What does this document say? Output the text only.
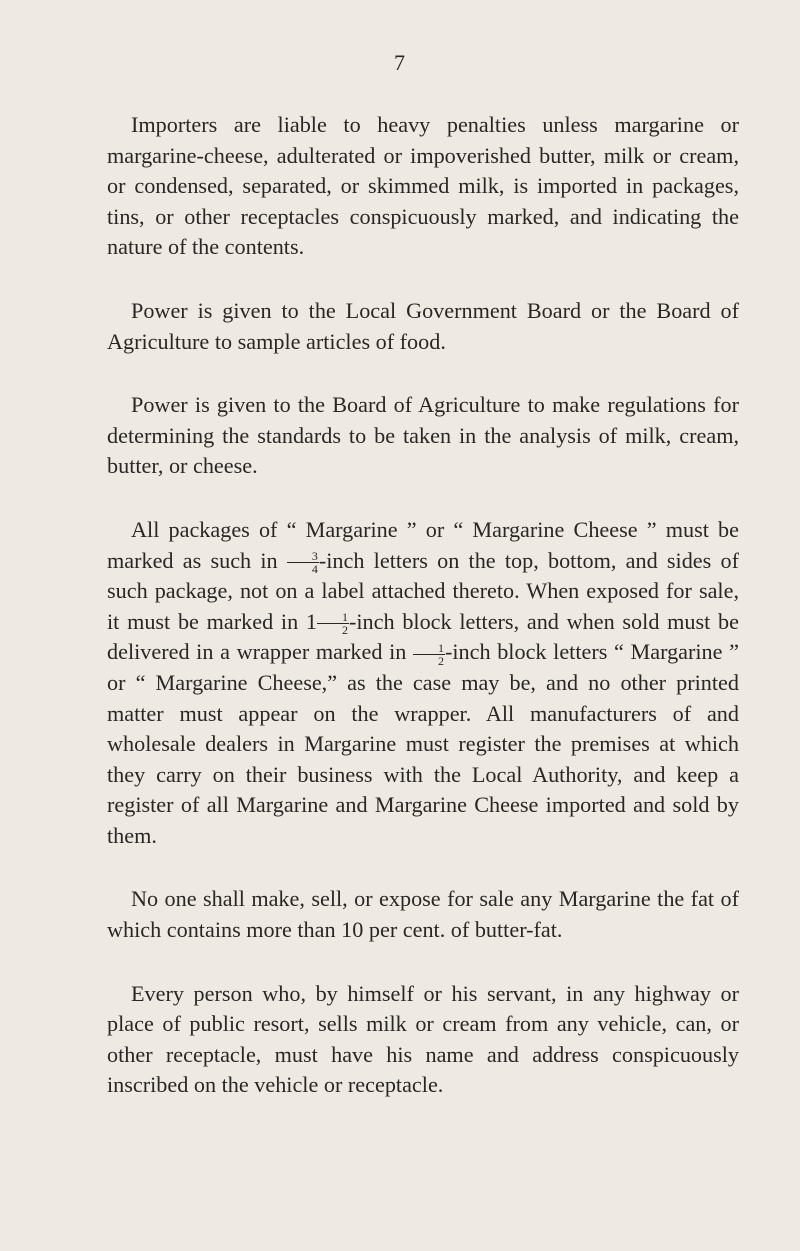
7

Importers are liable to heavy penalties unless margarine or margarine-cheese, adulterated or impoverished butter, milk or cream, or condensed, separated, or skimmed milk, is imported in packages, tins, or other receptacles conspicuously marked, and indicating the nature of the contents.

Power is given to the Local Government Board or the Board of Agriculture to sample articles of food.

Power is given to the Board of Agriculture to make regulations for determining the standards to be taken in the analysis of milk, cream, butter, or cheese.

All packages of “ Margarine ” or “ Margarine Cheese ” must be marked as such in $\frac{3}{4}$ -inch letters on the top, bottom, and sides of such package, not on a label attached thereto. When exposed for sale, it must be marked in $1 \frac{1}{2}$ -inch block letters, and when sold must be delivered in a wrapper marked in $\frac{1}{2}$ -inch block letters “ Margarine ” or “ Margarine Cheese,” as the case may be, and no other printed matter must appear on the wrapper. All manufacturers of and wholesale dealers in Margarine must register the premises at which they carry on their business with the Local Authority, and keep a register of all Margarine and Margarine Cheese imported and sold by them.

No one shall make, sell, or expose for sale any Margarine the fat of which contains more than 10 per cent. of butter-fat.

Every person who, by himself or his servant, in any highway or place of public resort, sells milk or cream from any vehicle, can, or other receptacle, must have his name and address conspicuously inscribed on the vehicle or receptacle.
